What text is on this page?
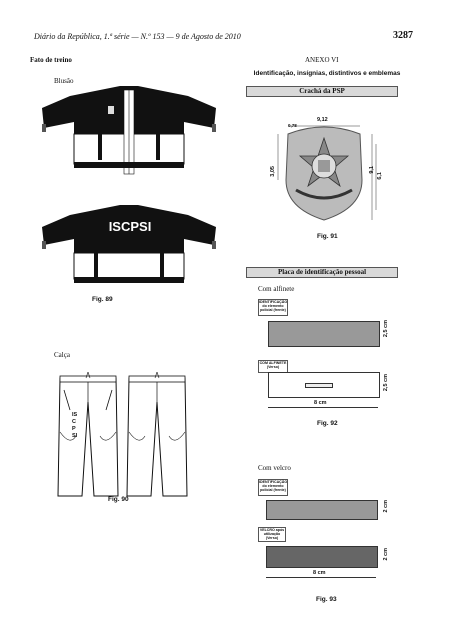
Diário da República, 1.ª série — N.º 153 — 9 de Agosto de 2010	3287
Fato de treino
Blusão
ISCPSI
Fig. 89
Calça
ISCPSI
Fig. 90
ANEXO VI
Identificação, insígnias, distintivos e emblemas
Crachá da PSP
9,12
0,78
3,05	9,1
6,1
Fig. 91
Placa de identificação pessoal
Com alfinete
IDENTIFICAÇÃO do elemento policial (frente)
2,5 cm
COM ALFINETE (Verso)
2,5 cm
8 cm
Fig. 92
Com velcro
IDENTIFICAÇÃO do elemento policial (frente)
2 cm
VELCRO após utilização (Verso)
2 cm
8 cm
Fig. 93
